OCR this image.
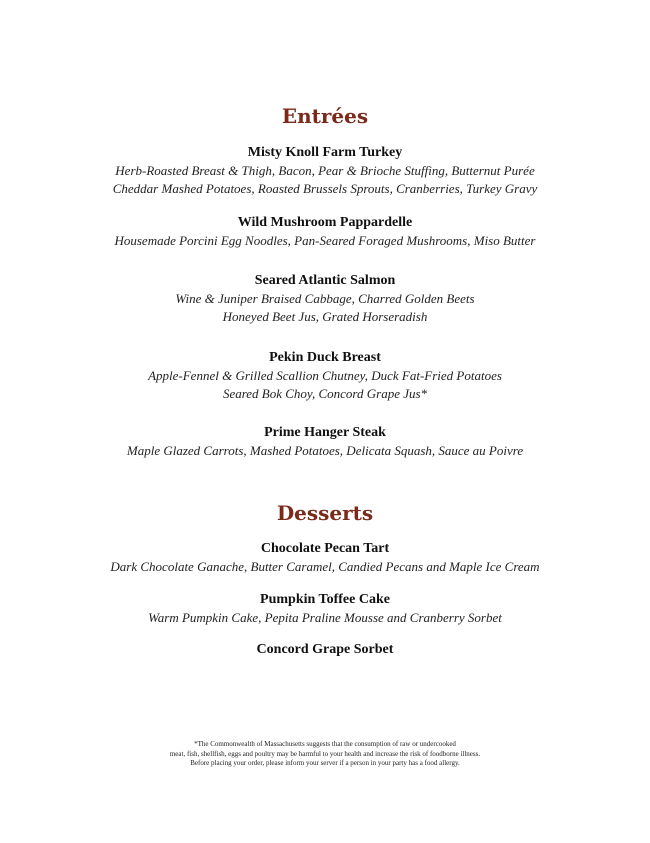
Entrées

Misty Knoll Farm Turkey

Herb-Roasted Breast & Thigh, Bacon, Pear & Brioche Stuffing, Butternut Purée

Cheddar Mashed Potatoes, Roasted Brussels Sprouts, Cranberries, Turkey Gravy

Wild Mushroom Pappardelle

Housemade Porcini Egg Noodles, Pan-Seared Foraged Mushrooms, Miso Butter

Seared Atlantic Salmon

Wine & Juniper Braised Cabbage, Charred Golden Beets

Honeyed Beet Jus, Grated Horseradish

Pekin Duck Breast

Apple-Fennel & Grilled Scallion Chutney, Duck Fat-Fried Potatoes

Seared Bok Choy, Concord Grape Jus*

Prime Hanger Steak

Maple Glazed Carrots, Mashed Potatoes, Delicata Squash, Sauce au Poivre

Desserts

Chocolate Pecan Tart

Dark Chocolate Ganache, Butter Caramel, Candied Pecans and Maple Ice Cream

Pumpkin Toffee Cake

Warm Pumpkin Cake, Pepita Praline Mousse and Cranberry Sorbet

Concord Grape Sorbet

*The Commonwealth of Massachusetts suggests that the consumption of raw or undercooked
meat, fish, shellfish, eggs and poultry may be harmful to your health and increase the risk of foodborne illness.
Before placing your order, please inform your server if a person in your party has a food allergy.
